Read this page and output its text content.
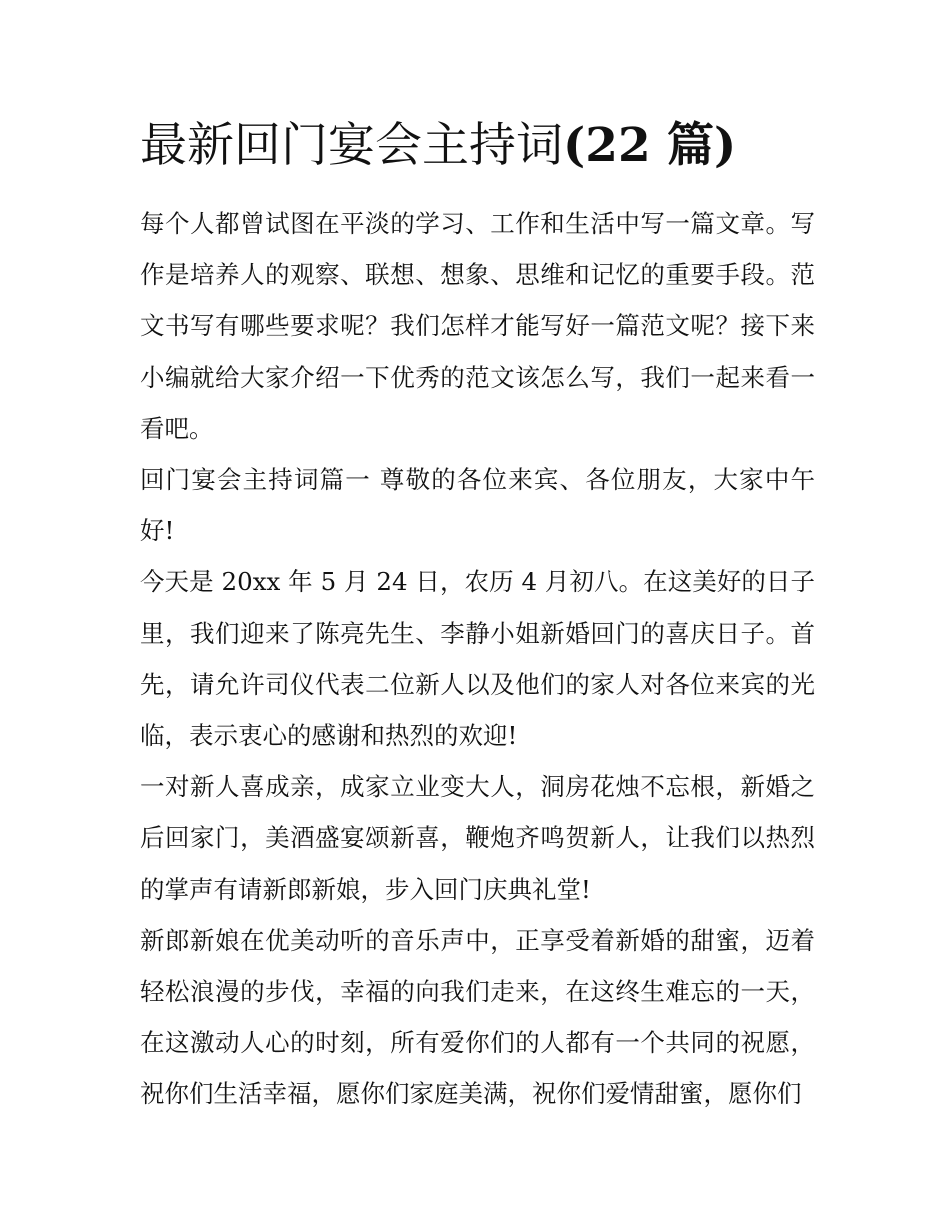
最新回门宴会主持词(22 篇)

每个人都曾试图在平淡的学习、工作和生活中写一篇文章。写作是培养人的观察、联想、想象、思维和记忆的重要手段。范文书写有哪些要求呢？我们怎样才能写好一篇范文呢？接下来小编就给大家介绍一下优秀的范文该怎么写，我们一起来看一看吧。

回门宴会主持词篇一 尊敬的各位来宾、各位朋友，大家中午好!

今天是 20xx 年 5 月 24 日，农历 4 月初八。在这美好的日子里，我们迎来了陈亮先生、李静小姐新婚回门的喜庆日子。首先，请允许司仪代表二位新人以及他们的家人对各位来宾的光临，表示衷心的感谢和热烈的欢迎!

一对新人喜成亲，成家立业变大人，洞房花烛不忘根，新婚之后回家门，美酒盛宴颂新喜，鞭炮齐鸣贺新人，让我们以热烈的掌声有请新郎新娘，步入回门庆典礼堂!

新郎新娘在优美动听的音乐声中，正享受着新婚的甜蜜，迈着轻松浪漫的步伐，幸福的向我们走来，在这终生难忘的一天，在这激动人心的时刻，所有爱你们的人都有一个共同的祝愿，祝你们生活幸福，愿你们家庭美满，祝你们爱情甜蜜，愿你们
